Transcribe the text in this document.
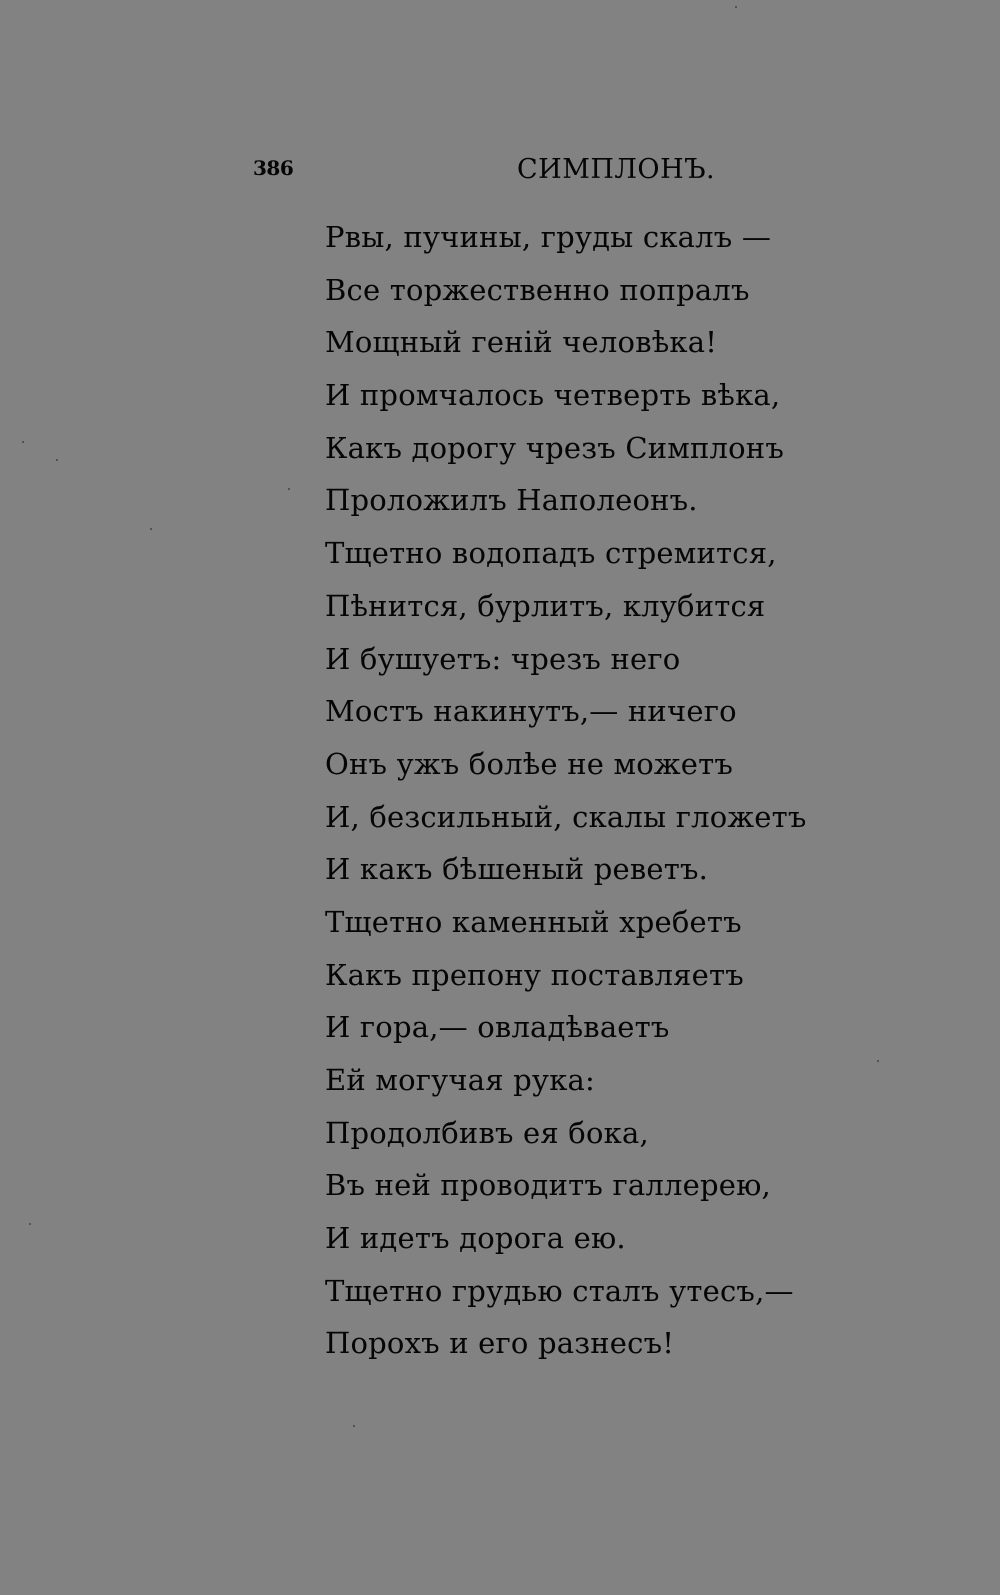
386	СИМПЛОНЪ.
Рвы, пучины, груды скалъ —
Все торжественно попралъ
Мощный геній человѣка!
И промчалось четверть вѣка,
Какъ дорогу чрезъ Симплонъ
Проложилъ Наполеонъ.
Тщетно водопадъ стремится,
Пѣнится, бурлитъ, клубится
И бушуетъ: чрезъ него
Мостъ накинутъ,— ничего
Онъ ужъ болѣе не можетъ
И, безсильный, скалы гложетъ
И какъ бѣшеный реветъ.
Тщетно каменный хребетъ
Какъ препону поставляетъ
И гора,— овладѣваетъ
Ей могучая рука:
Продолбивъ ея бока,
Въ ней проводитъ галлерею,
И идетъ дорога ею.
Тщетно грудью сталъ утесъ,—
Порохъ и его разнесъ!
